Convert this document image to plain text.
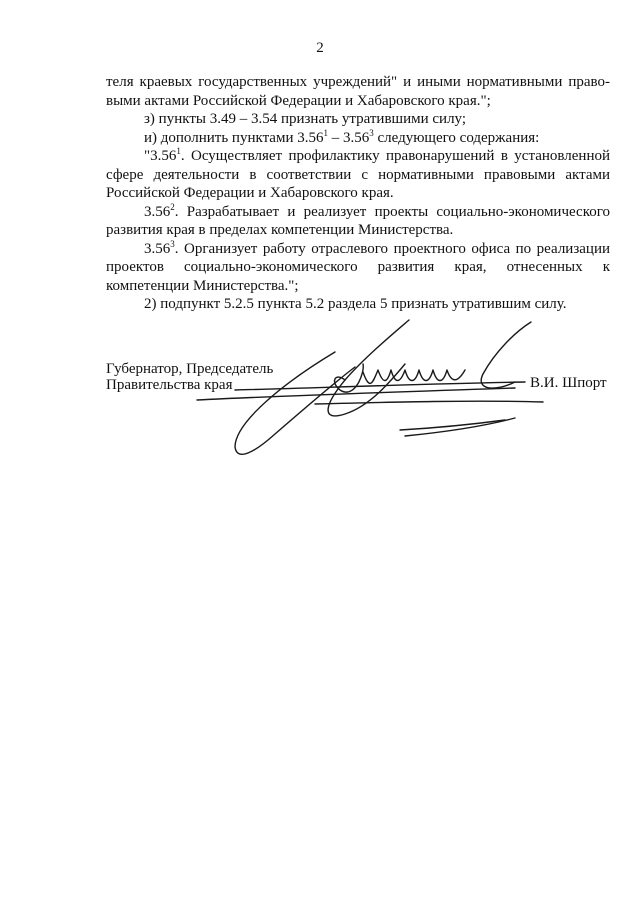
2

теля краевых государственных учреждений" и иными нормативными право-

выми актами Российской Федерации и Хабаровского края.";

з) пункты 3.49 – 3.54 признать утратившими силу;

и) дополнить пунктами 3.56$^1$ – 3.56$^3$ следующего содержания:

"3.56$^1$. Осуществляет профилактику правонарушений в установленной сфере деятельности в соответствии с нормативными правовыми актами Российской Федерации и Хабаровского края.

3.56$^2$. Разрабатывает и реализует проекты социально-экономического развития края в пределах компетенции Министерства.

3.56$^3$. Организует работу отраслевого проектного офиса по реализации проектов социально-экономического развития края, отнесенных к компетенции Министерства.";

2) подпункт 5.2.5 пункта 5.2 раздела 5 признать утратившим силу.

Губернатор, Председатель
Правительства края	В.И. Шпорт
